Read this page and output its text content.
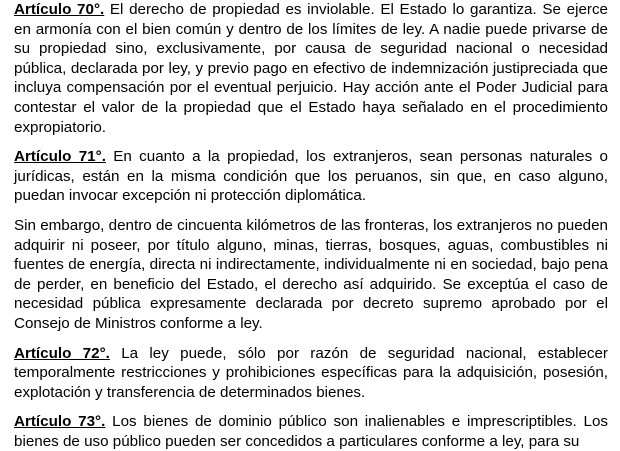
Artículo 70°. El derecho de propiedad es inviolable. El Estado lo garantiza. Se ejerce en armonía con el bien común y dentro de los límites de ley. A nadie puede privarse de su propiedad sino, exclusivamente, por causa de seguridad nacional o necesidad pública, declarada por ley, y previo pago en efectivo de indemnización justipreciada que incluya compensación por el eventual perjuicio. Hay acción ante el Poder Judicial para contestar el valor de la propiedad que el Estado haya señalado en el procedimiento expropiatorio.

Artículo 71°. En cuanto a la propiedad, los extranjeros, sean personas naturales o jurídicas, están en la misma condición que los peruanos, sin que, en caso alguno, puedan invocar excepción ni protección diplomática.

Sin embargo, dentro de cincuenta kilómetros de las fronteras, los extranjeros no pueden adquirir ni poseer, por título alguno, minas, tierras, bosques, aguas, combustibles ni fuentes de energía, directa ni indirectamente, individualmente ni en sociedad, bajo pena de perder, en beneficio del Estado, el derecho así adquirido. Se exceptúa el caso de necesidad pública expresamente declarada por decreto supremo aprobado por el Consejo de Ministros conforme a ley.

Artículo 72°. La ley puede, sólo por razón de seguridad nacional, establecer temporalmente restricciones y prohibiciones específicas para la adquisición, posesión, explotación y transferencia de determinados bienes.

Artículo 73°. Los bienes de dominio público son inalienables e imprescriptibles. Los bienes de uso público pueden ser concedidos a particulares conforme a ley, para su
